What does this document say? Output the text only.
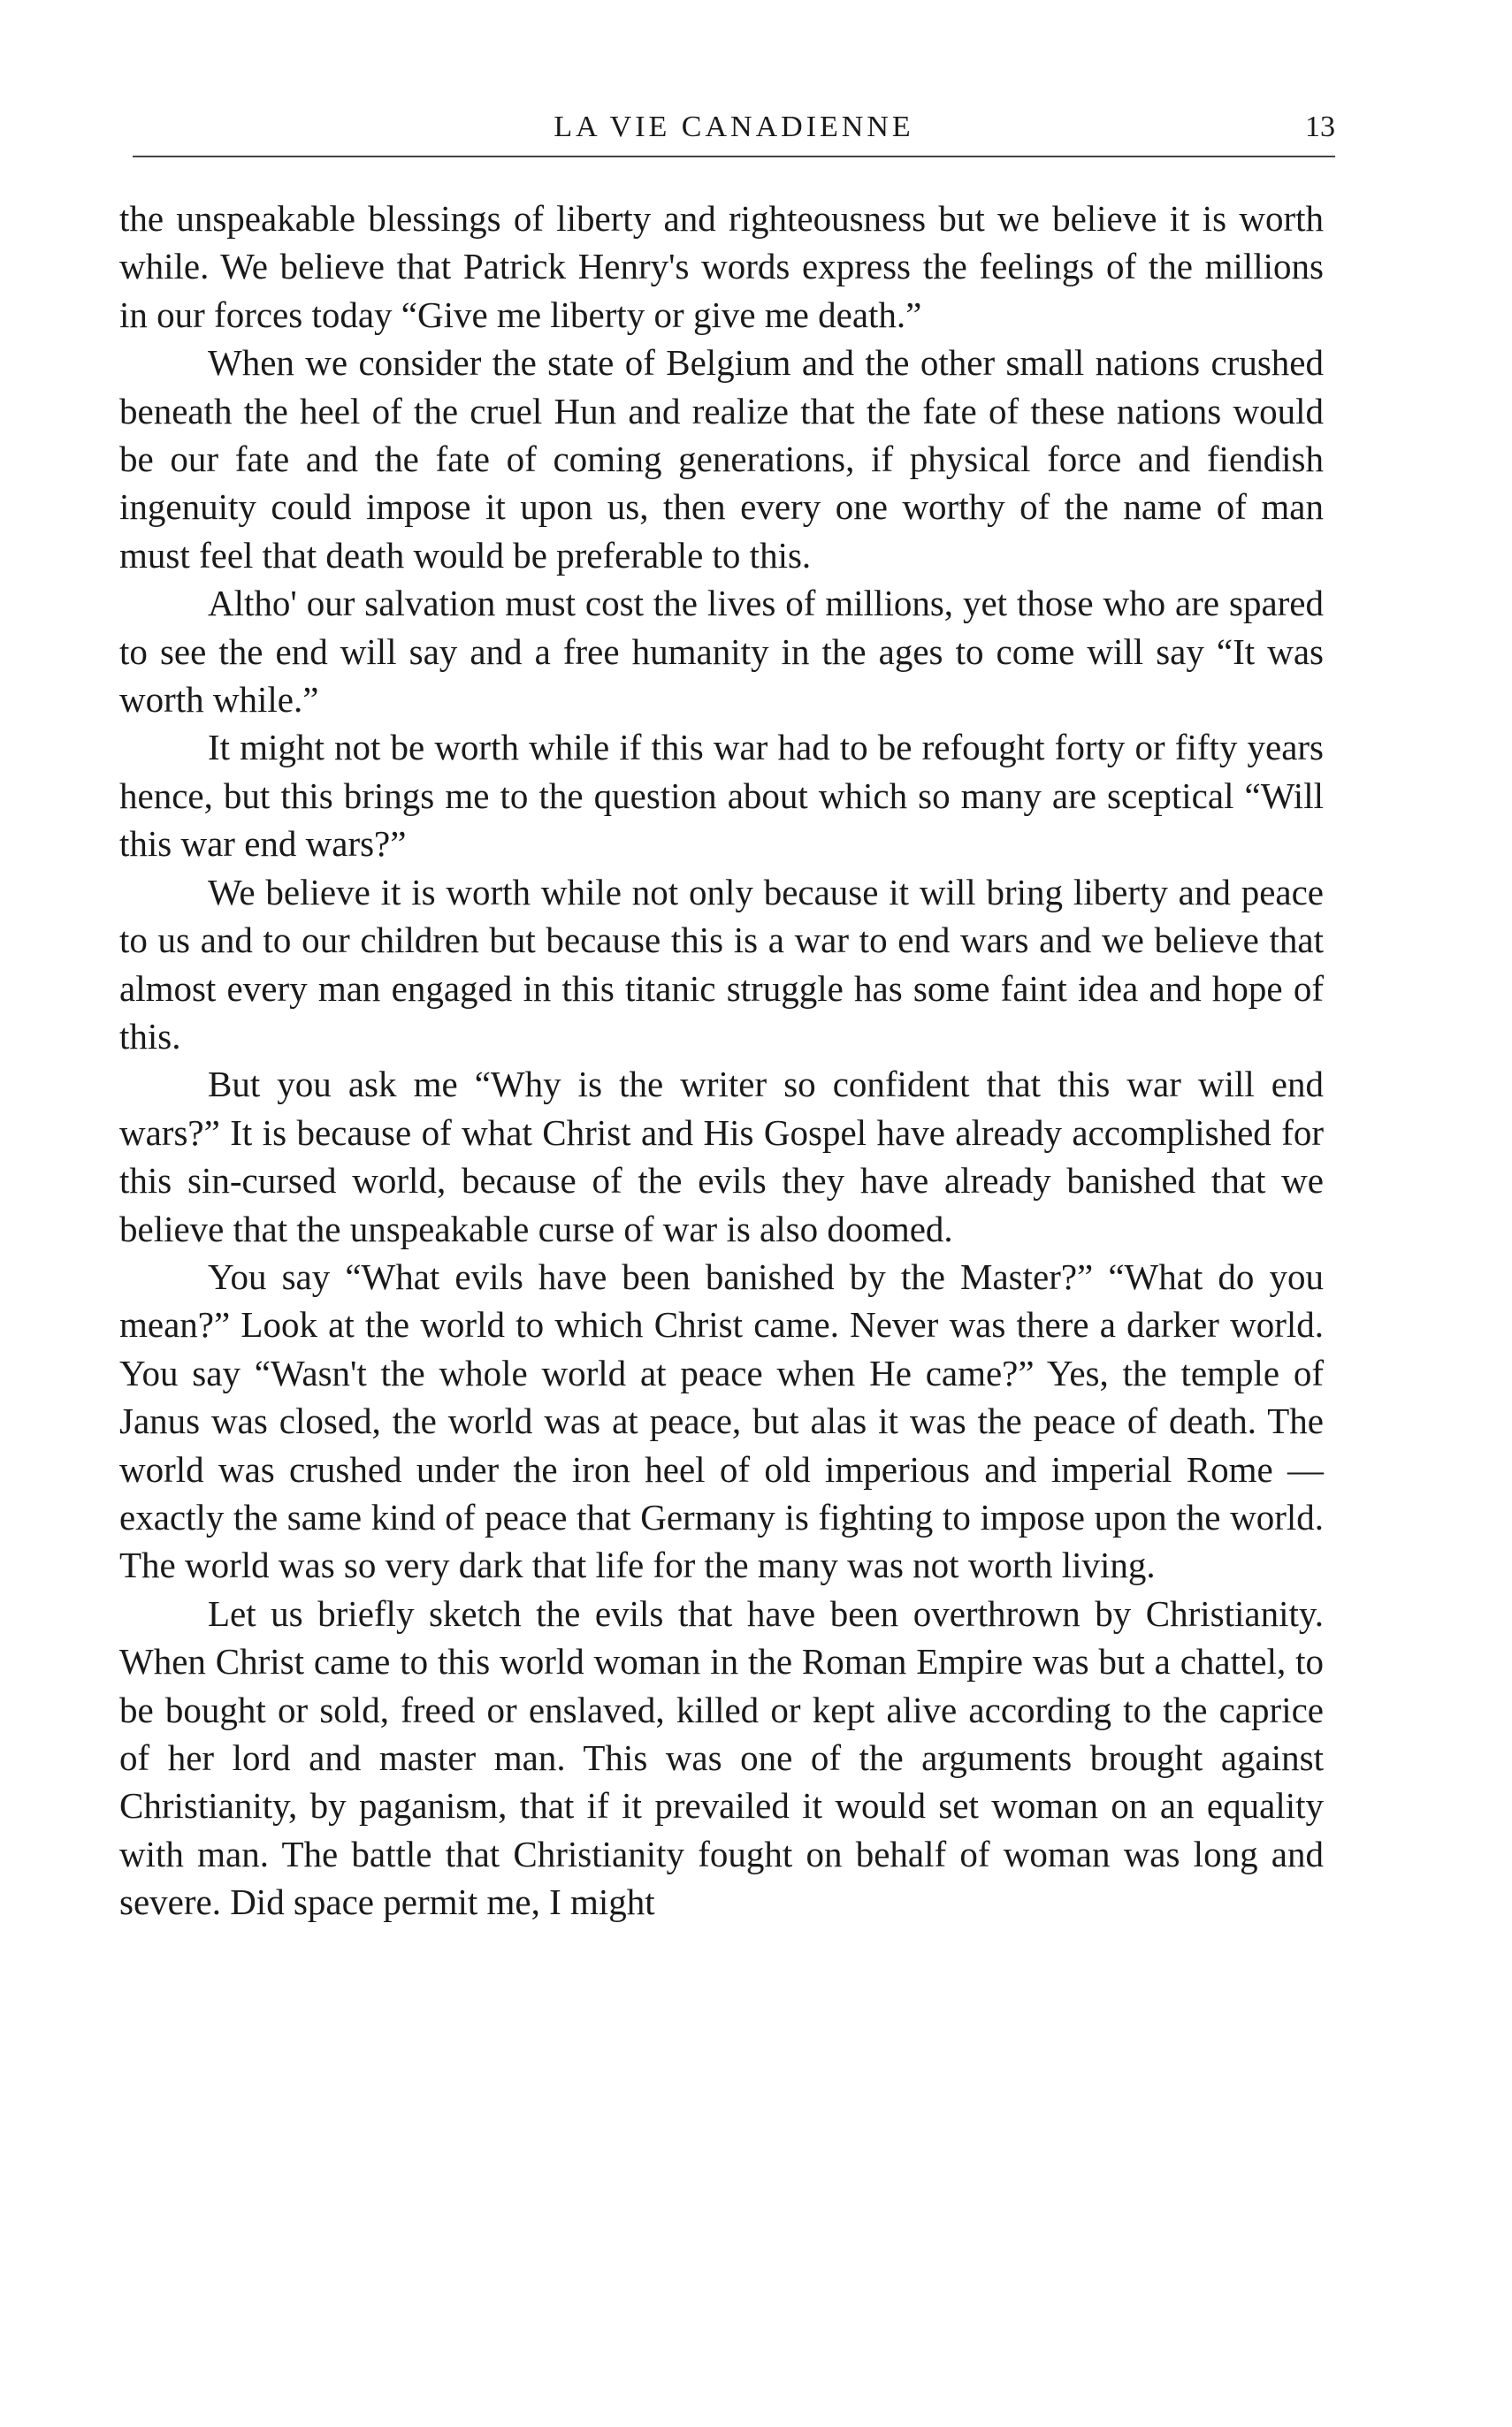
LA VIE CANADIENNE	13

the unspeakable blessings of liberty and righteousness but we believe it is worth while. We believe that Patrick Henry's words express the feelings of the millions in our forces today “Give me liberty or give me death.”

When we consider the state of Belgium and the other small nations crushed beneath the heel of the cruel Hun and realize that the fate of these nations would be our fate and the fate of coming generations, if physical force and fiendish ingenuity could impose it upon us, then every one worthy of the name of man must feel that death would be preferable to this.

Altho' our salvation must cost the lives of millions, yet those who are spared to see the end will say and a free humanity in the ages to come will say “It was worth while.”

It might not be worth while if this war had to be refought forty or fifty years hence, but this brings me to the question about which so many are sceptical “Will this war end wars?”

We believe it is worth while not only because it will bring liberty and peace to us and to our children but because this is a war to end wars and we believe that almost every man engaged in this titanic struggle has some faint idea and hope of this.

But you ask me “Why is the writer so confident that this war will end wars?” It is because of what Christ and His Gospel have already accomplished for this sin-cursed world, because of the evils they have already banished that we believe that the unspeakable curse of war is also doomed.

You say “What evils have been banished by the Master?” “What do you mean?” Look at the world to which Christ came. Never was there a darker world. You say “Wasn't the whole world at peace when He came?” Yes, the temple of Janus was closed, the world was at peace, but alas it was the peace of death. The world was crushed under the iron heel of old imperious and imperial Rome — exactly the same kind of peace that Germany is fighting to impose upon the world. The world was so very dark that life for the many was not worth living.

Let us briefly sketch the evils that have been overthrown by Christianity. When Christ came to this world woman in the Roman Empire was but a chattel, to be bought or sold, freed or enslaved, killed or kept alive according to the caprice of her lord and master man. This was one of the arguments brought against Christianity, by paganism, that if it prevailed it would set woman on an equality with man. The battle that Christianity fought on behalf of woman was long and severe. Did space permit me, I might
